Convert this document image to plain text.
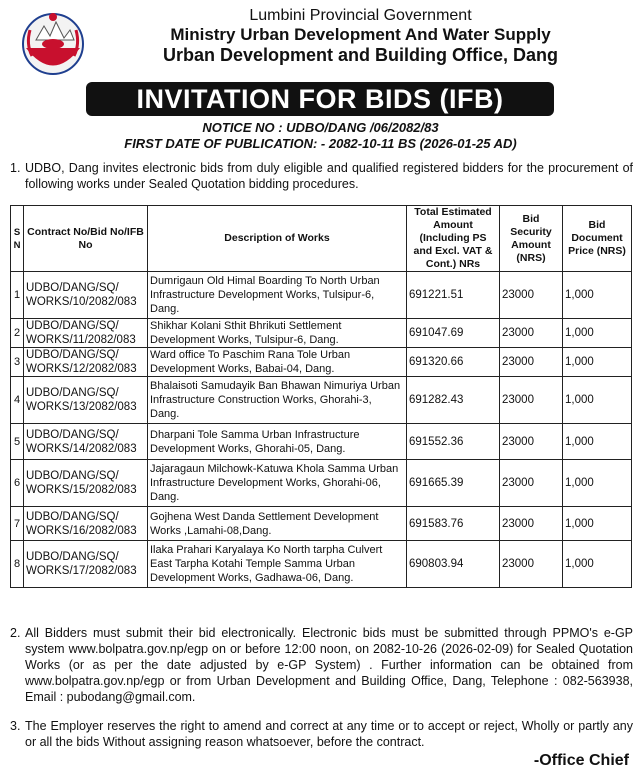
Lumbini Provincial Government
Ministry Urban Development And Water Supply
Urban Development and Building Office, Dang
INVITATION FOR BIDS (IFB)
NOTICE NO : UDBO/DANG /06/2082/83
FIRST DATE OF PUBLICATION: - 2082-10-11 BS (2026-01-25 AD)
1. UDBO, Dang invites electronic bids from duly eligible and qualified registered bidders for the procurement of following works under Sealed Quotation bidding procedures.
S N	Contract No/Bid No/IFB No	Description of Works	Total Estimated Amount (Including PS and Excl. VAT & Cont.) NRs	Bid Security Amount (NRS)	Bid Document Price (NRS)
1	UDBO/DANG/SQ/ WORKS/10/2082/083	Dumrigaun Old Himal Boarding To North Urban Infrastructure Development Works, Tulsipur-6, Dang.	691221.51	23000	1,000
2	UDBO/DANG/SQ/ WORKS/11/2082/083	Shikhar Kolani Sthit Bhrikuti Settlement Development Works, Tulsipur-6, Dang.	691047.69	23000	1,000
3	UDBO/DANG/SQ/ WORKS/12/2082/083	Ward office To Paschim Rana Tole Urban Development Works, Babai-04, Dang.	691320.66	23000	1,000
4	UDBO/DANG/SQ/ WORKS/13/2082/083	Bhalaisoti Samudayik Ban Bhawan Nimuriya Urban Infrastructure Construction Works, Ghorahi-3, Dang.	691282.43	23000	1,000
5	UDBO/DANG/SQ/ WORKS/14/2082/083	Dharpani Tole Samma Urban Infrastructure Development Works, Ghorahi-05, Dang.	691552.36	23000	1,000
6	UDBO/DANG/SQ/ WORKS/15/2082/083	Jajaragaun Milchowk-Katuwa Khola Samma Urban Infrastructure Development Works, Ghorahi-06, Dang.	691665.39	23000	1,000
7	UDBO/DANG/SQ/ WORKS/16/2082/083	Gojhena West Danda Settlement Development Works ,Lamahi-08,Dang.	691583.76	23000	1,000
8	UDBO/DANG/SQ/ WORKS/17/2082/083	Ilaka Prahari Karyalaya Ko North tarpha Culvert East Tarpha Kotahi Temple Samma Urban Development Works, Gadhawa-06, Dang.	690803.94	23000	1,000
2. All Bidders must submit their bid electronically. Electronic bids must be submitted through PPMO's e-GP system www.bolpatra.gov.np/egp on or before 12:00 noon, on 2082-10-26 (2026-02-09) for Sealed Quotation Works (or as per the date adjusted by e-GP System) . Further information can be obtained from www.bolpatra.gov.np/egp or from Urban Development and Building Office, Dang, Telephone : 082-563938, Email : pubodang@gmail.com.
3. The Employer reserves the right to amend and correct at any time or to accept or reject, Wholly or partly any or all the bids Without assigning reason whatsoever, before the contract.
-Office Chief
